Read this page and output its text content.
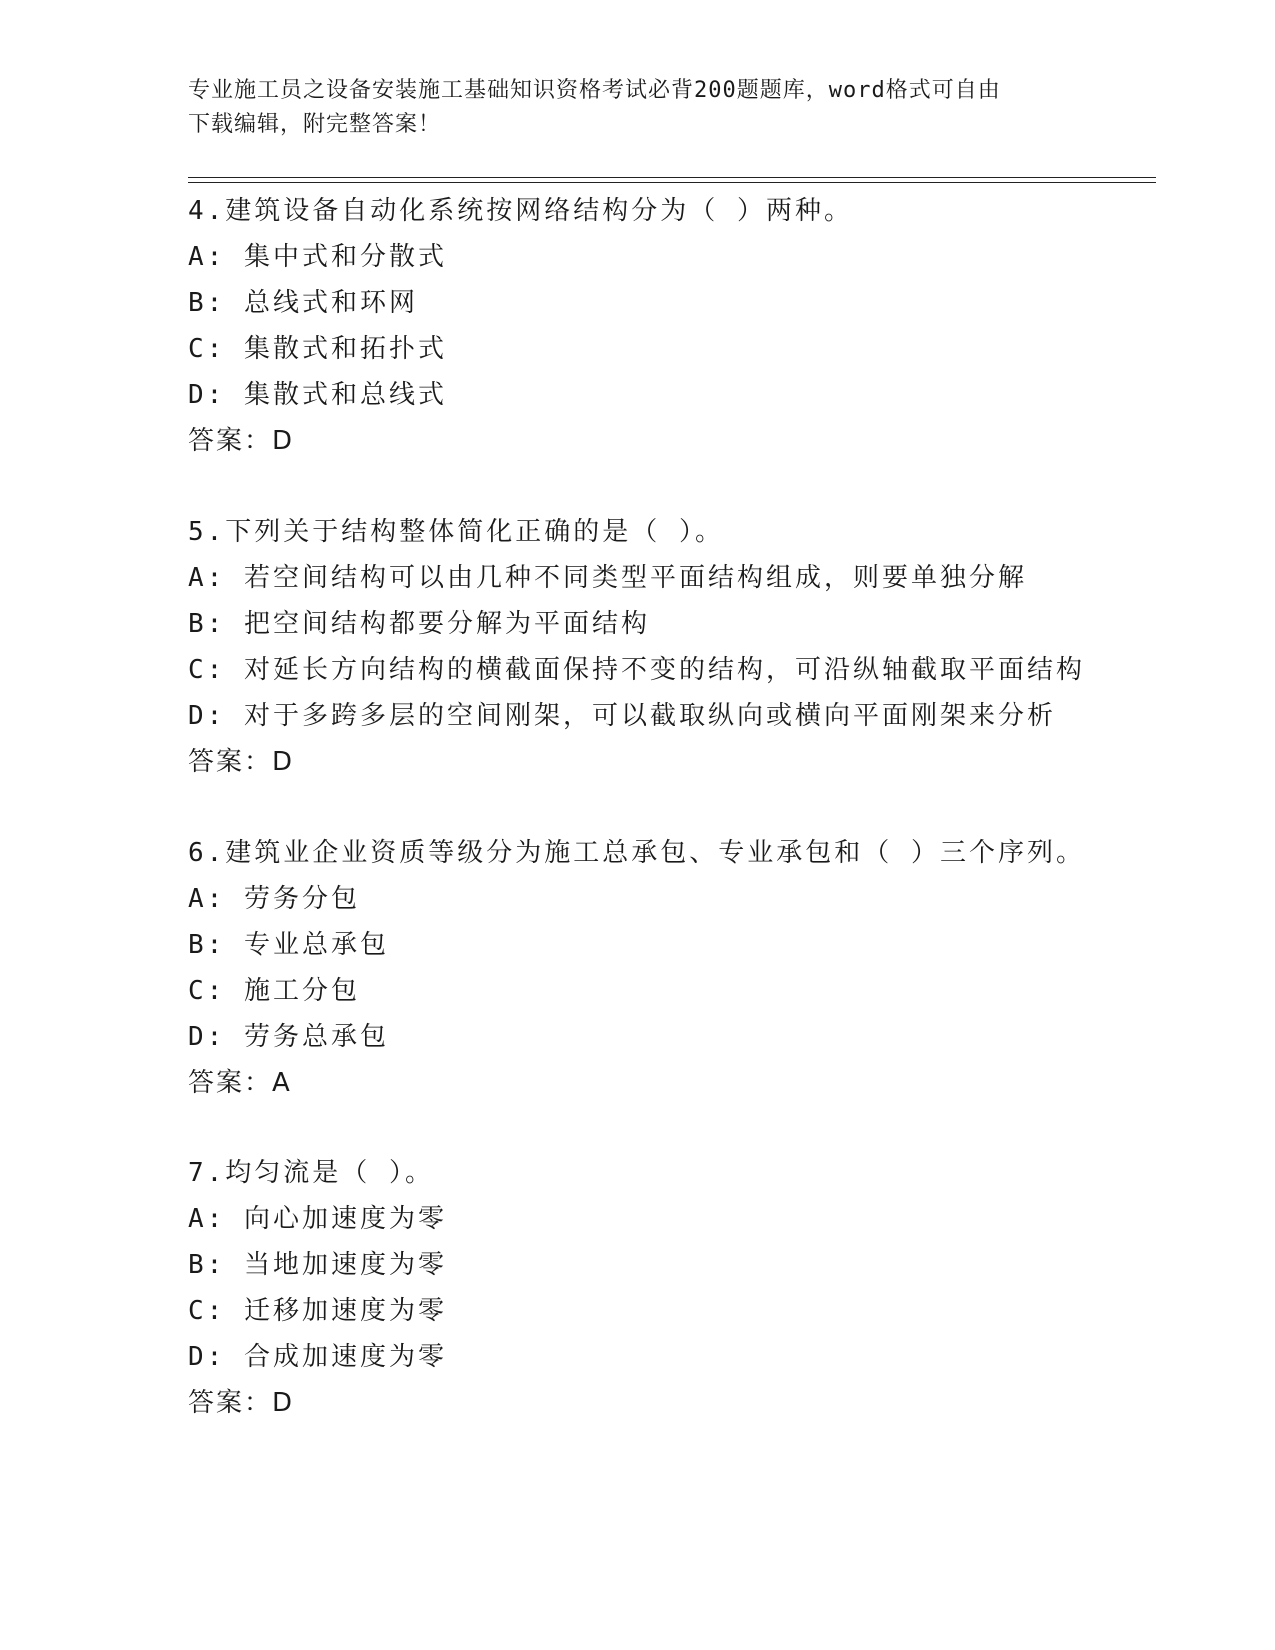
专业施工员之设备安装施工基础知识资格考试必背200题题库，word格式可自由
下载编辑，附完整答案！

4.建筑设备自动化系统按网络结构分为（ ）两种。
A: 集中式和分散式
B: 总线式和环网
C: 集散式和拓扑式
D: 集散式和总线式
答案：D
5.下列关于结构整体简化正确的是（ ）。
A: 若空间结构可以由几种不同类型平面结构组成，则要单独分解
B: 把空间结构都要分解为平面结构
C: 对延长方向结构的横截面保持不变的结构，可沿纵轴截取平面结构
D: 对于多跨多层的空间刚架，可以截取纵向或横向平面刚架来分析
答案：D
6.建筑业企业资质等级分为施工总承包、专业承包和（ ）三个序列。
A: 劳务分包
B: 专业总承包
C: 施工分包
D: 劳务总承包
答案：A
7.均匀流是（ ）。
A: 向心加速度为零
B: 当地加速度为零
C: 迁移加速度为零
D: 合成加速度为零
答案：D
